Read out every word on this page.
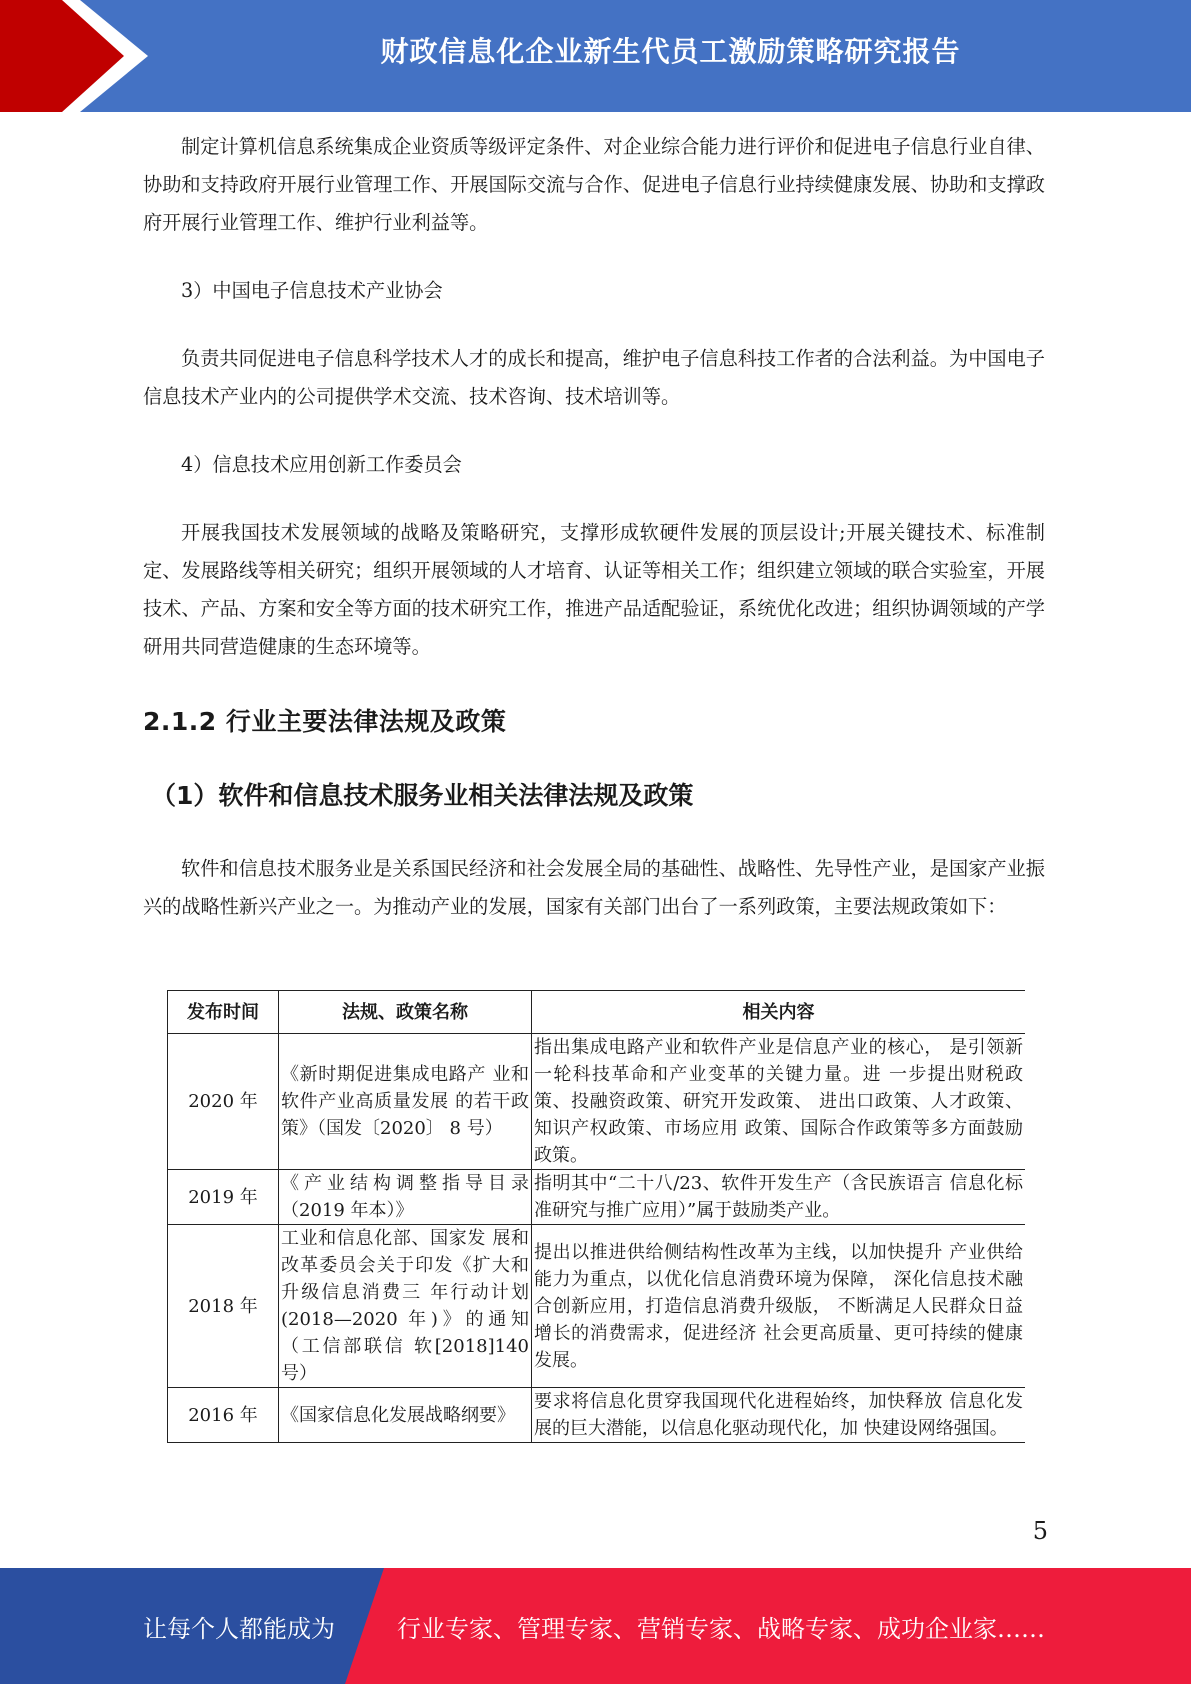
财政信息化企业新生代员工激励策略研究报告

制定计算机信息系统集成企业资质等级评定条件、对企业综合能力进行评价和促进电子信息行业自律、协助和支持政府开展行业管理工作、开展国际交流与合作、促进电子信息行业持续健康发展、协助和支撑政府开展行业管理工作、维护行业利益等。

3）中国电子信息技术产业协会

负责共同促进电子信息科学技术人才的成长和提高，维护电子信息科技工作者的合法利益。为中国电子信息技术产业内的公司提供学术交流、技术咨询、技术培训等。

4）信息技术应用创新工作委员会

开展我国技术发展领域的战略及策略研究，支撑形成软硬件发展的顶层设计;开展关键技术、标准制定、发展路线等相关研究；组织开展领域的人才培育、认证等相关工作；组织建立领域的联合实验室，开展技术、产品、方案和安全等方面的技术研究工作，推进产品适配验证，系统优化改进；组织协调领域的产学研用共同营造健康的生态环境等。

2.1.2 行业主要法律法规及政策
（1）软件和信息技术服务业相关法律法规及政策

软件和信息技术服务业是关系国民经济和社会发展全局的基础性、战略性、先导性产业，是国家产业振兴的战略性新兴产业之一。为推动产业的发展，国家有关部门出台了一系列政策，主要法规政策如下：

发布时间	法规、政策名称	相关内容
2020 年	《新时期促进集成电路产 业和软件产业高质量发展 的若干政策》（国发〔2020〕 8 号）	指出集成电路产业和软件产业是信息产业的核心， 是引领新一轮科技革命和产业变革的关键力量。进 一步提出财税政策、投融资政策、研究开发政策、 进出口政策、人才政策、知识产权政策、市场应用 政策、国际合作政策等多方面鼓励政策。
2019 年	《产业结构调整指导目录（2019 年本）》	指明其中“二十八/23、软件开发生产（含民族语言 信息化标准研究与推广应用）”属于鼓励类产业。
2018 年	工业和信息化部、国家发 展和改革委员会关于印发《扩大和升级信息消费三 年行动计划(2018—2020 年)》的通知（工信部联信 软[2018]140 号）	提出以推进供给侧结构性改革为主线，以加快提升 产业供给能力为重点，以优化信息消费环境为保障， 深化信息技术融合创新应用，打造信息消费升级版， 不断满足人民群众日益增长的消费需求，促进经济 社会更高质量、更可持续的健康发展。
2016 年	《国家信息化发展战略纲要》	要求将信息化贯穿我国现代化进程始终，加快释放 信息化发展的巨大潜能，以信息化驱动现代化，加 快建设网络强国。
5
让每个人都能成为	行业专家、管理专家、营销专家、战略专家、成功企业家……
